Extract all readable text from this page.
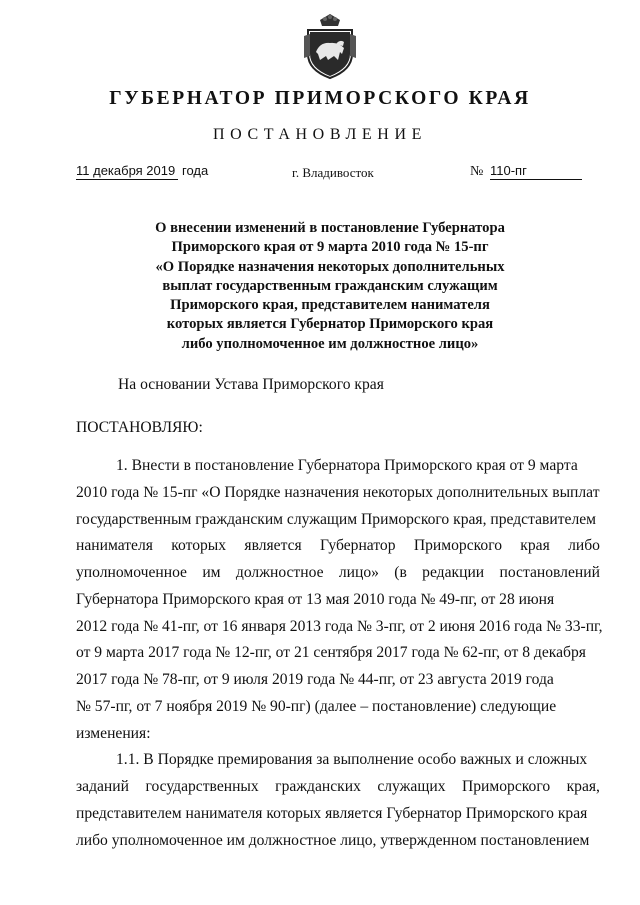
ГУБЕРНАТОР ПРИМОРСКОГО КРАЯ
ПОСТАНОВЛЕНИЕ
11 декабря 2019 года	г. Владивосток	№ 110-пг
О внесении изменений в постановление Губернатора
Приморского края от 9 марта 2010 года № 15-пг
«О Порядке назначения некоторых дополнительных
выплат государственным гражданским служащим
Приморского края, представителем нанимателя
которых является Губернатор Приморского края
либо уполномоченное им должностное лицо»
На основании Устава Приморского края
ПОСТАНОВЛЯЮ:
1. Внести в постановление Губернатора Приморского края от 9 марта
2010 года № 15-пг «О Порядке назначения некоторых дополнительных выплат
государственным гражданским служащим Приморского края, представителем
нанимателя которых является Губернатор Приморского края либо
уполномоченное им должностное лицо» (в редакции постановлений
Губернатора Приморского края от 13 мая 2010 года № 49-пг, от 28 июня
2012 года № 41-пг, от 16 января 2013 года № 3-пг, от 2 июня 2016 года № 33-пг,
от 9 марта 2017 года № 12-пг, от 21 сентября 2017 года № 62-пг, от 8 декабря
2017 года № 78-пг, от 9 июля 2019 года № 44-пг, от 23 августа 2019 года
№ 57-пг, от 7 ноября 2019 № 90-пг) (далее – постановление) следующие
изменения:
1.1. В Порядке премирования за выполнение особо важных и сложных
заданий государственных гражданских служащих Приморского края,
представителем нанимателя которых является Губернатор Приморского края
либо уполномоченное им должностное лицо, утвержденном постановлением
